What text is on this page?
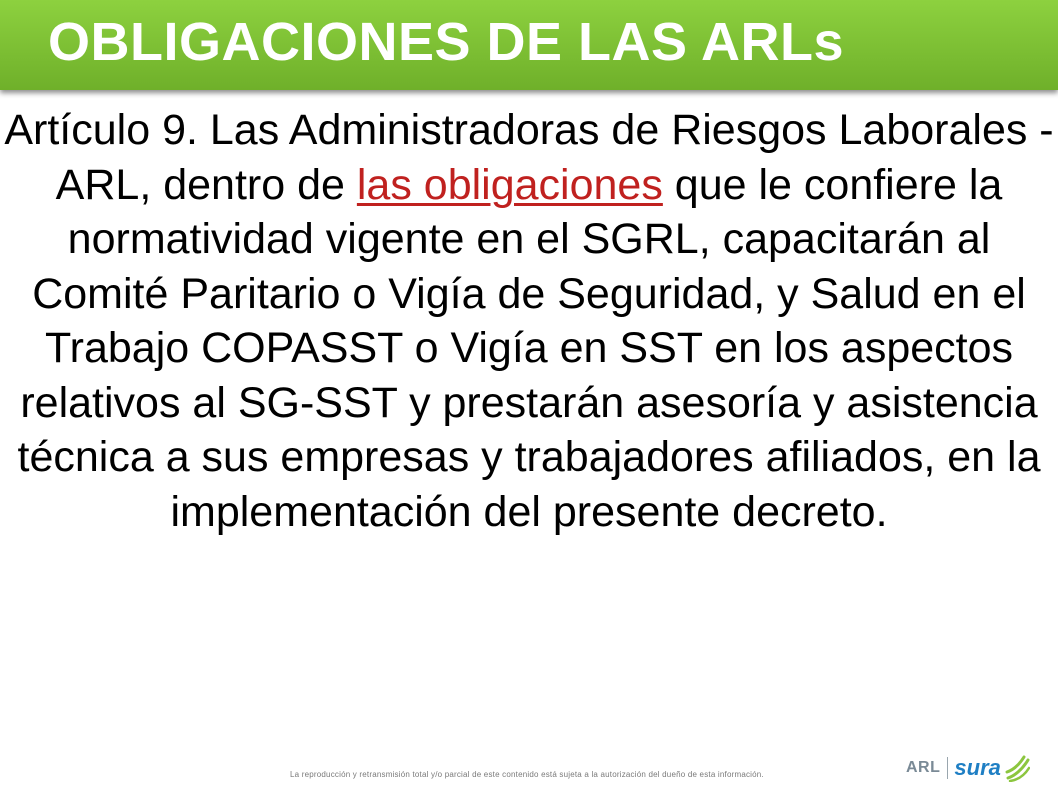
OBLIGACIONES DE LAS ARLs
Artículo 9. Las Administradoras de Riesgos Laborales -ARL, dentro de las obligaciones que le confiere la normatividad vigente en el SGRL, capacitarán al Comité Paritario o Vigía de Seguridad, y Salud en el Trabajo COPASST o Vigía en SST en los aspectos relativos al SG-SST y prestarán asesoría y asistencia técnica a sus empresas y trabajadores afiliados, en la implementación del presente decreto.
La reproducción y retransmisión total y/o parcial de este contenido está sujeta a la autorización del dueño de esta información.	ARL sura
